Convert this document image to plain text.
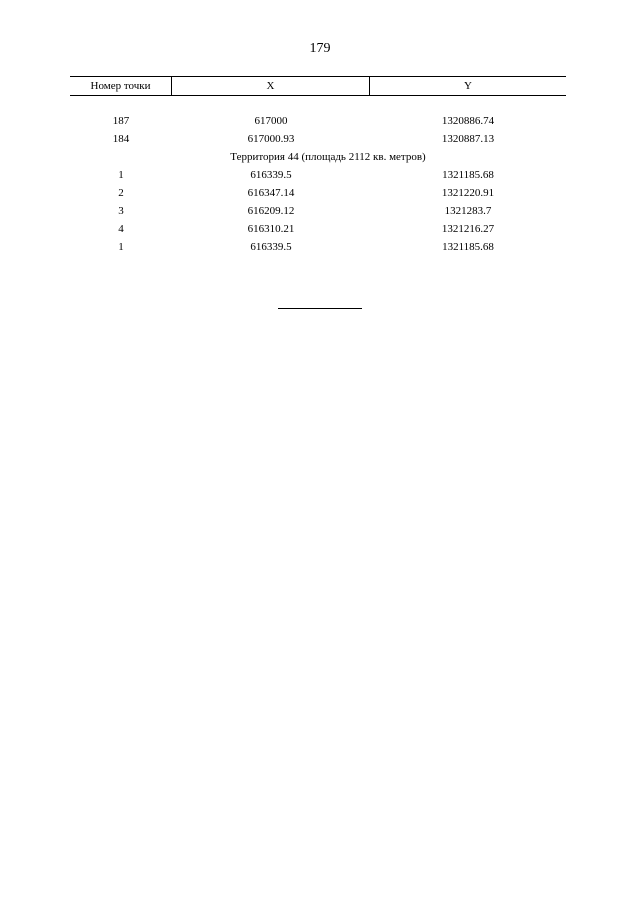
179
Номер точки	X	Y
187	617000	1320886.74
184	617000.93	1320887.13
Территория 44 (площадь 2112 кв. метров)
1	616339.5	1321185.68
2	616347.14	1321220.91
3	616209.12	1321283.7
4	616310.21	1321216.27
1	616339.5	1321185.68
